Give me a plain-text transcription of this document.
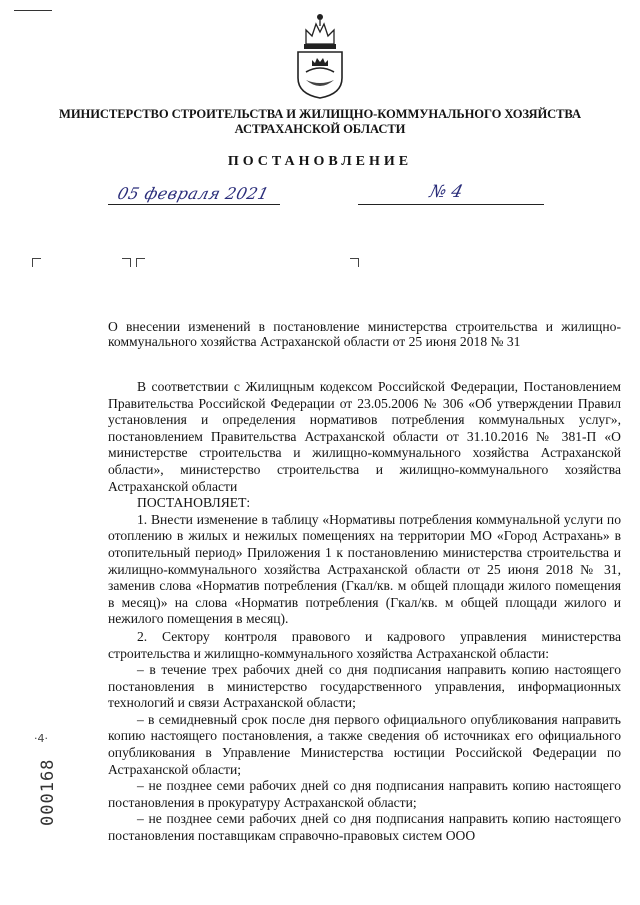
МИНИСТЕРСТВО СТРОИТЕЛЬСТВА И ЖИЛИЩНО-КОММУНАЛЬНОГО ХОЗЯЙСТВА
АСТРАХАНСКОЙ ОБЛАСТИ
ПОСТАНОВЛЕНИЕ
05 февраля 2021	№ 4
О внесении изменений в постановление министерства строительства и жилищно-коммунального хозяйства Астраханской области от 25 июня 2018 № 31

В соответствии с Жилищным кодексом Российской Федерации, Постановлением Правительства Российской Федерации от 23.05.2006 № 306 «Об утверждении Правил установления и определения нормативов потребления коммунальных услуг», постановлением Правительства Астраханской области от 31.10.2016 № 381-П «О министерстве строительства и жилищно-коммунального хозяйства Астраханской области», министерство строительства и жилищно-коммунального хозяйства Астраханской области

ПОСТАНОВЛЯЕТ:

1. Внести изменение в таблицу «Нормативы потребления коммунальной услуги по отоплению в жилых и нежилых помещениях на территории МО «Город Астрахань» в отопительный период» Приложения 1 к постановлению министерства строительства и жилищно-коммунального хозяйства Астраханской области от 25 июня 2018 № 31, заменив слова «Норматив потребления (Гкал/кв. м общей площади жилого помещения в месяц)» на слова «Норматив потребления (Гкал/кв. м общей площади жилого и нежилого помещения в месяц).

2. Сектору контроля правового и кадрового управления министерства строительства и жилищно-коммунального хозяйства Астраханской области:

– в течение трех рабочих дней со дня подписания направить копию настоящего постановления в министерство государственного управления, информационных технологий и связи Астраханской области;

– в семидневный срок после дня первого официального опубликования направить копию настоящего постановления, а также сведения об источниках его официального опубликования в Управление Министерства юстиции Российской Федерации по Астраханской области;

– не позднее семи рабочих дней со дня подписания направить копию настоящего постановления в прокуратуру Астраханской области;

– не позднее семи рабочих дней со дня подписания направить копию настоящего постановления поставщикам справочно-правовых систем ООО

·4·
000168
